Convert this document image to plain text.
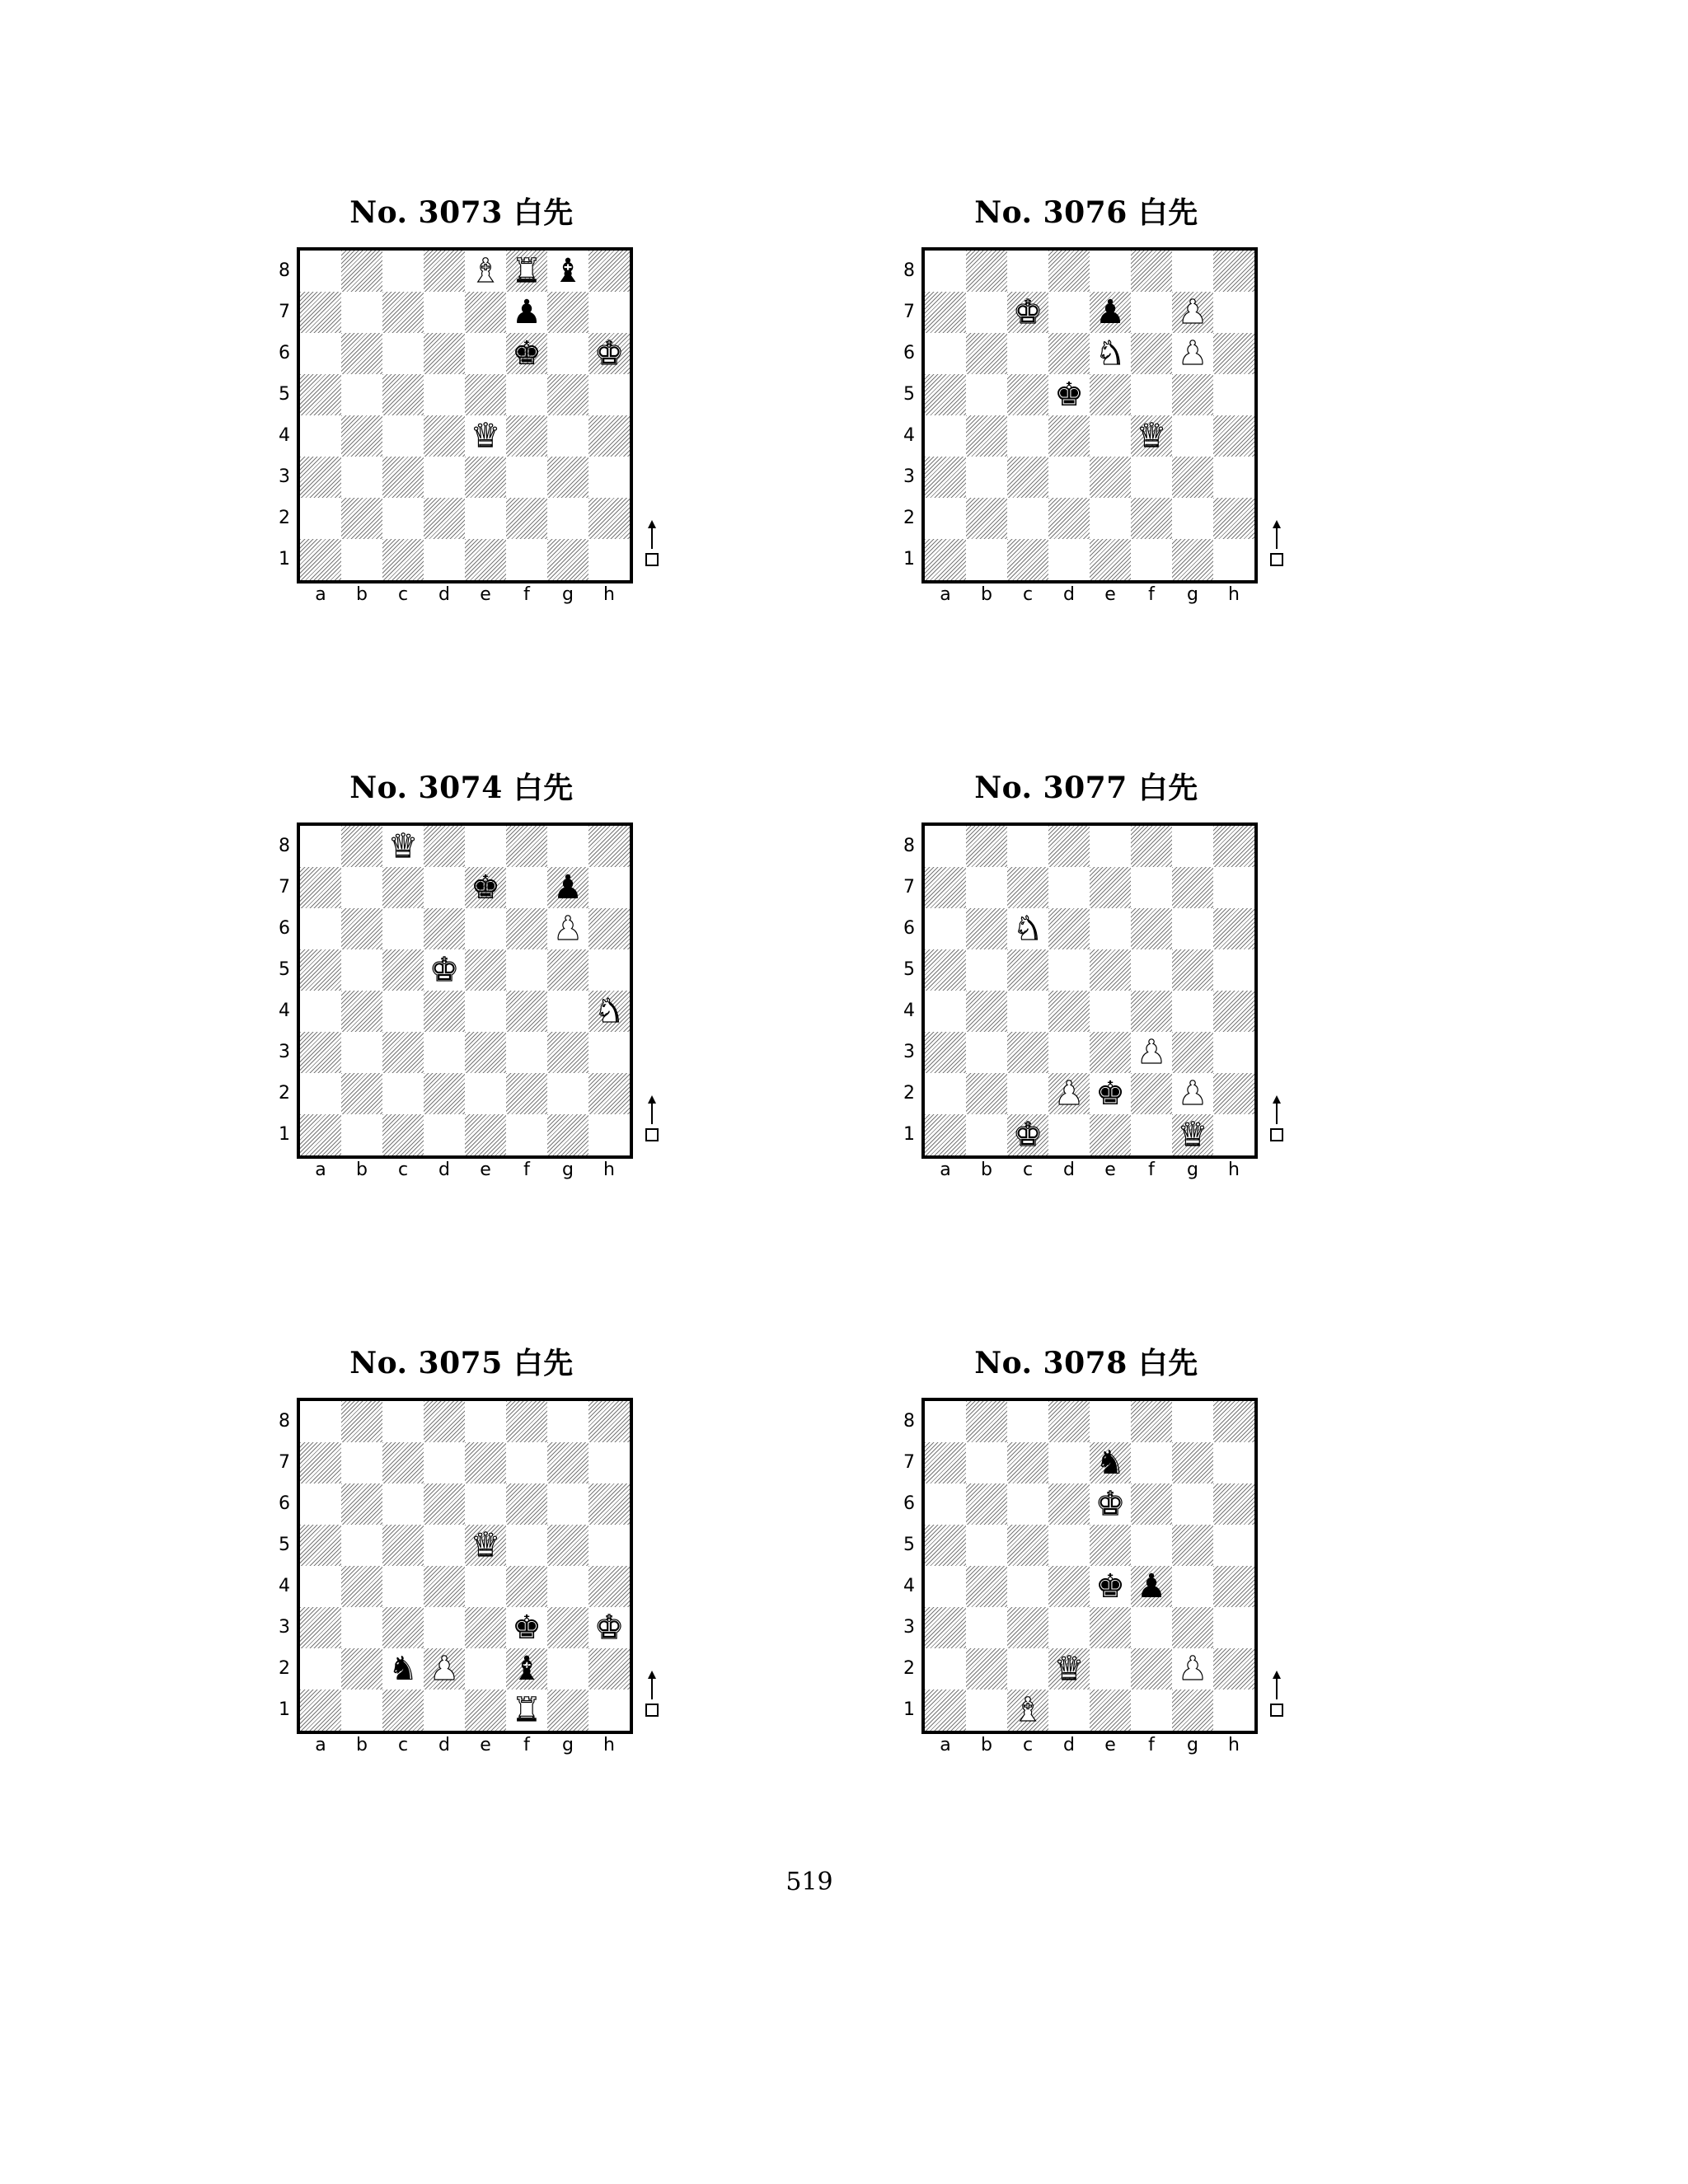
No. 3073 白先
♝ ♜ ♝
♟
♚ ♚
♛
8
7
6
5
4
3
2
1
a	b	c	d	e	f	g	h
No. 3076 白先
♚ ♟ ♟
♞ ♟
♚
♛
8
7
6
5
4
3
2
1
a	b	c	d	e	f	g	h
No. 3074 白先
♛
♚ ♟
♟
♚
♞
8
7
6
5
4
3
2
1
a	b	c	d	e	f	g	h
No. 3077 白先
♞
♟
♟ ♚ ♟
♚	♛
8
7
6
5
4
3
2
1
a	b	c	d	e	f	g	h
No. 3075 白先
♛
♚ ♚
♞ ♟ ♝
♜
8
7
6
5
4
3
2
1
a	b	c	d	e	f	g	h
No. 3078 白先
♞
♚
♚ ♟
♛	♟
♝
8
7
6
5
4
3
2
1
a	b	c	d	e	f	g	h
519
